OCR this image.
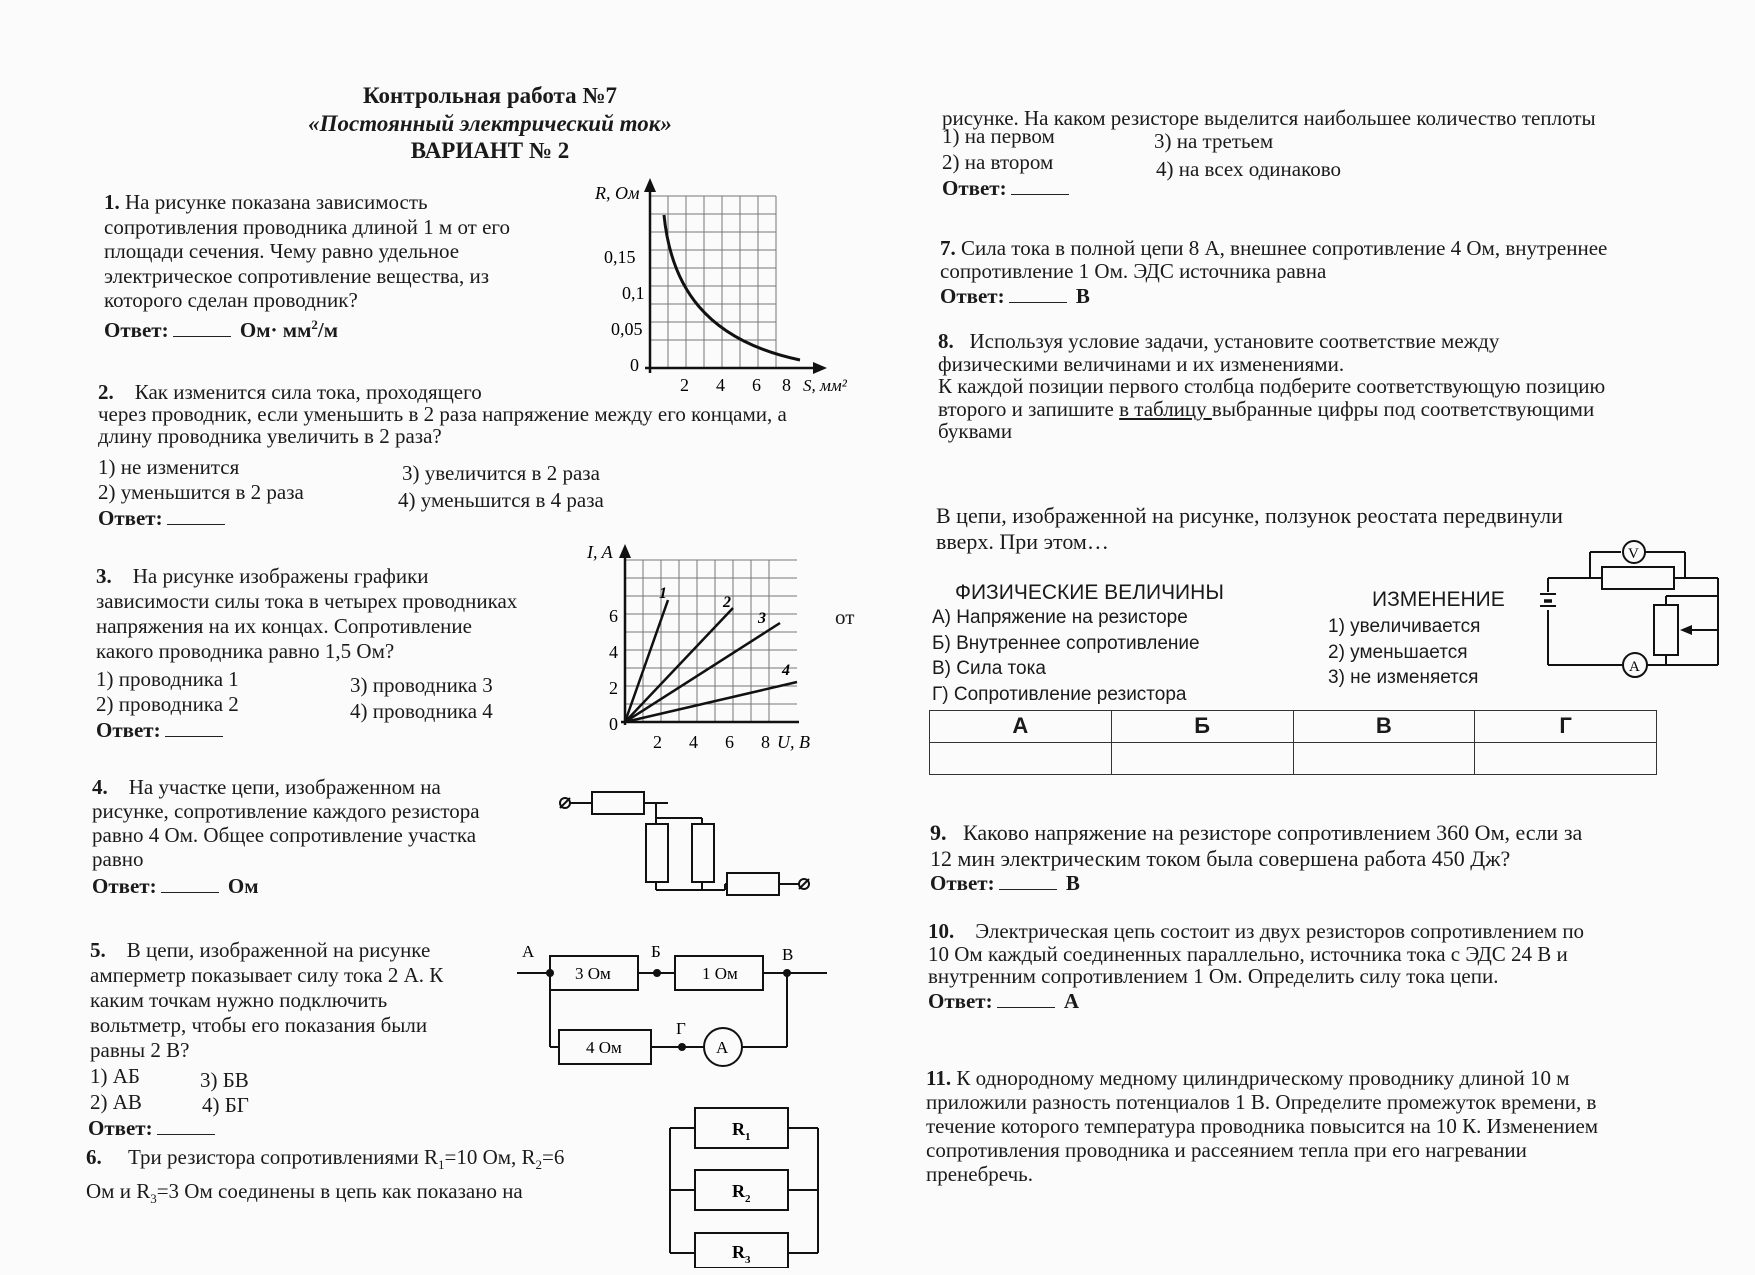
Контрольная работа №7
«Постоянный электрический ток»
ВАРИАНТ № 2
1. На рисунке показана зависимость
сопротивления проводника длиной 1 м от его
площади сечения. Чему равно удельное
электрическое сопротивление вещества, из
которого сделан проводник?
Ответ:	$Ом\cdot мм^2/м$
R, Ом
0,15
0,1
0,05
0
2 4 6 8 S, мм²
2. Как изменится сила тока, проходящего
через проводник, если уменьшить в 2 раза напряжение между его концами, а
длину проводника увеличить в 2 раза?
1) не изменится	3) увеличится в 2 раза
2) уменьшится в 2 раза	4) уменьшится в 4 раза
Ответ:
3. На рисунке изображены графики
зависимости силы тока в четырех проводниках
напряжения на их концах. Сопротивление
какого проводника равно 1,5 Ом?
от
1) проводника 1	3) проводника 3
2) проводника 2	4) проводника 4
Ответ:
1
2
3
4
I, A
6
4
2
0
2 4 6 8 U, В
4. На участке цепи, изображенном на
рисунке, сопротивление каждого резистора
равно 4 Ом. Общее сопротивление участка
равно
Ответ:	Ом
5. В цепи, изображенной на рисунке
амперметр показывает силу тока 2 А. К
каким точкам нужно подключить
вольтметр, чтобы его показания были
равны 2 В?
1) АБ	3) БВ
2) АВ	4) БГ
Ответ:
А	Б	В
Г
3 Ом	1 Ом
4 Ом	A
6. Три резистора сопротивлениями $R_1=10$ Ом, $R_2=6$
Ом и $R_3=3$ Ом соединены в цепь как показано на
$R_1$
$R_2$
$R_3$
рисунке. На каком резисторе выделится наибольшее количество теплоты
1) на первом	3) на третьем
2) на втором	4) на всех одинаково
Ответ:
7. Сила тока в полной цепи 8 А, внешнее сопротивление 4 Ом, внутреннее
сопротивление 1 Ом. ЭДС источника равна
Ответ:	В
8. Используя условие задачи, установите соответствие между
физическими величинами и их изменениями.
К каждой позиции первого столбца подберите соответствующую позицию
второго и запишите в таблицу выбранные цифры под соответствующими
буквами
В цепи, изображенной на рисунке, ползунок реостата передвинули
вверх. При этом…
ФИЗИЧЕСКИЕ ВЕЛИЧИНЫ	ИЗМЕНЕНИЕ
А) Напряжение на резисторе
Б) Внутреннее сопротивление
В) Сила тока
Г) Сопротивление резистора
1) увеличивается
2) уменьшается
3) не изменяется
V
A
А	Б	В	Г

9. Каково напряжение на резисторе сопротивлением 360 Ом, если за
12 мин электрическим током была совершена работа 450 Дж?
Ответ:	В
10. Электрическая цепь состоит из двух резисторов сопротивлением по
10 Ом каждый соединенных параллельно, источника тока с ЭДС 24 В и
внутренним сопротивлением 1 Ом. Определить силу тока цепи.
Ответ:	А
11. К однородному медному цилиндрическому проводнику длиной 10 м
приложили разность потенциалов 1 В. Определите промежуток времени, в
течение которого температура проводника повысится на 10 К. Изменением
сопротивления проводника и рассеянием тепла при его нагревании
пренебречь.
